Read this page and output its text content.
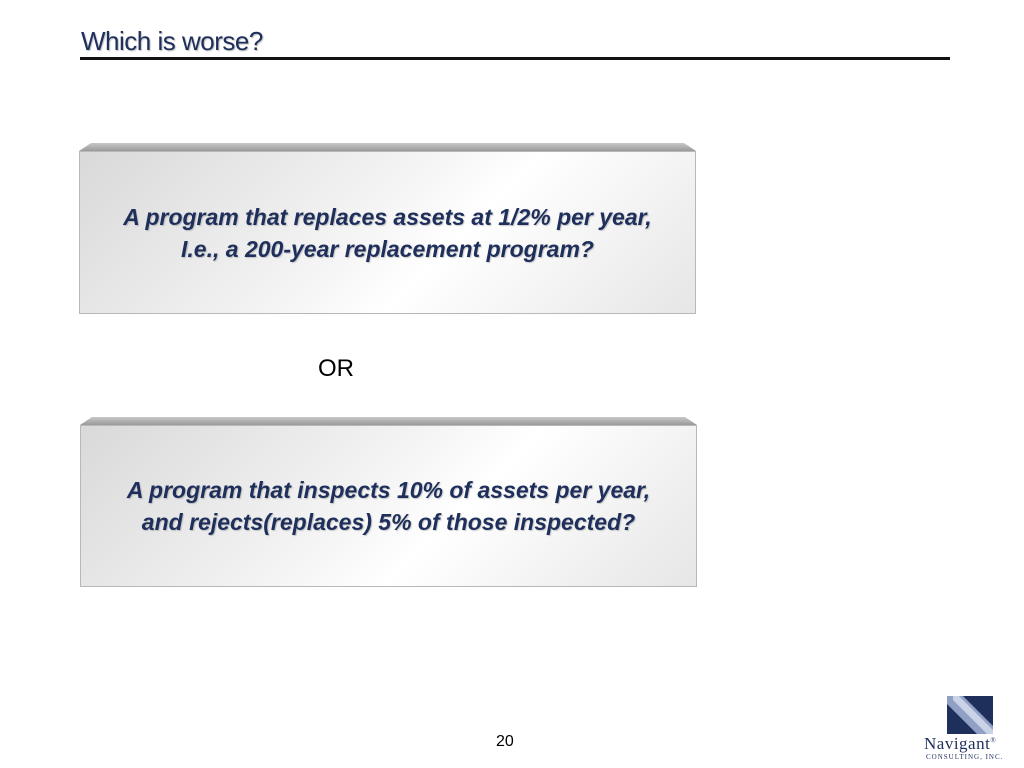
Which is worse?
A program that replaces assets at 1/2% per year,
I.e., a 200-year replacement program?
OR
A program that inspects 10% of assets per year,
and rejects(replaces) 5% of those inspected?
20	Navigant®
CONSULTING, INC.
